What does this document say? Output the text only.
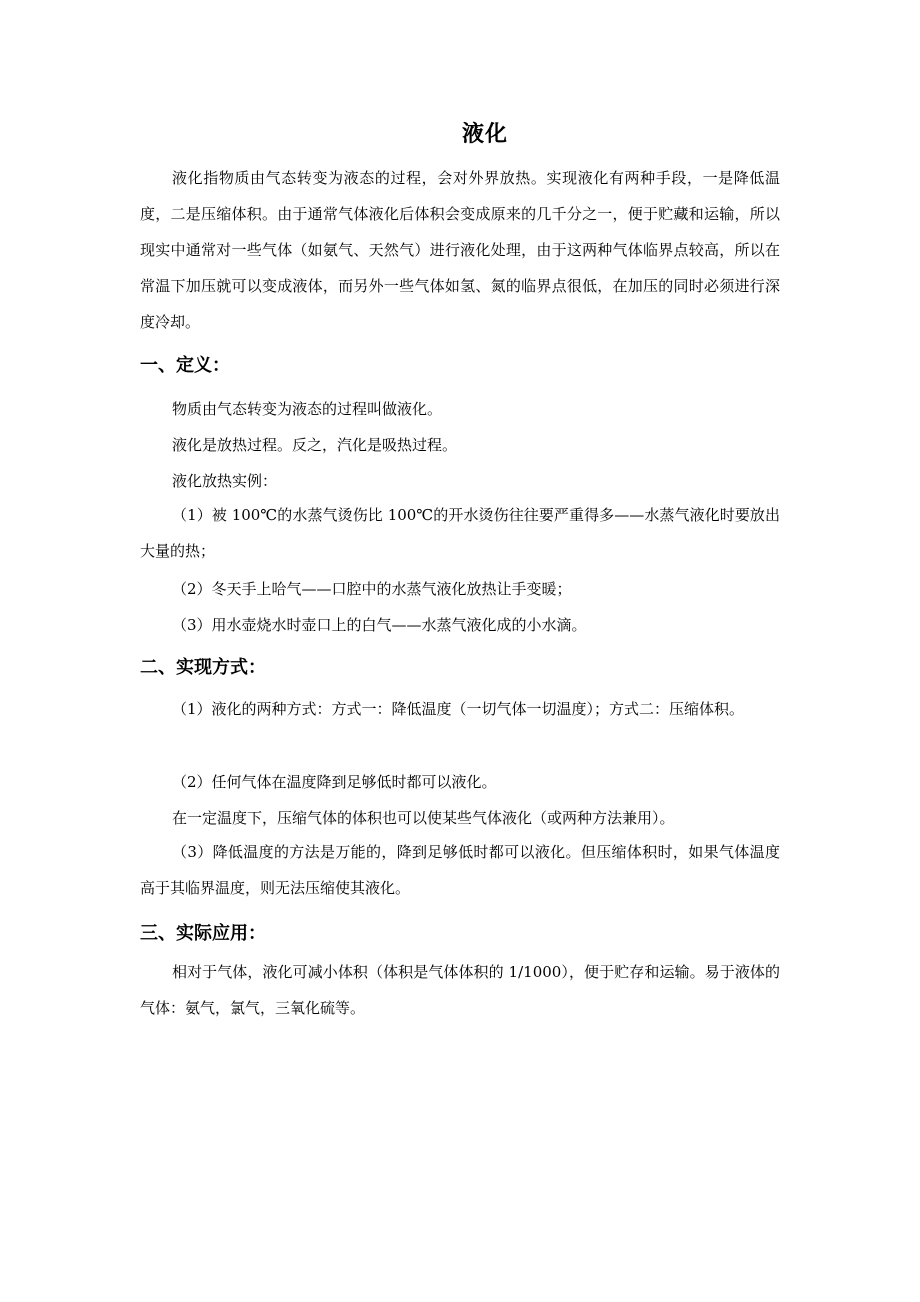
液化

液化指物质由气态转变为液态的过程，会对外界放热。实现液化有两种手段，一是降低温度，二是压缩体积。由于通常气体液化后体积会变成原来的几千分之一，便于贮藏和运输，所以现实中通常对一些气体（如氨气、天然气）进行液化处理，由于这两种气体临界点较高，所以在常温下加压就可以变成液体，而另外一些气体如氢、氮的临界点很低，在加压的同时必须进行深度冷却。

一、定义：

物质由气态转变为液态的过程叫做液化。

液化是放热过程。反之，汽化是吸热过程。

液化放热实例：

（1）被 100℃的水蒸气烫伤比 100℃的开水烫伤往往要严重得多——水蒸气液化时要放出大量的热；

（2）冬天手上哈气——口腔中的水蒸气液化放热让手变暖；

（3）用水壶烧水时壶口上的白气——水蒸气液化成的小水滴。

二、实现方式：

（1）液化的两种方式：方式一：降低温度（一切气体一切温度）；方式二：压缩体积。

（2）任何气体在温度降到足够低时都可以液化。

在一定温度下，压缩气体的体积也可以使某些气体液化（或两种方法兼用）。

（3）降低温度的方法是万能的，降到足够低时都可以液化。但压缩体积时，如果气体温度高于其临界温度，则无法压缩使其液化。

三、实际应用：

相对于气体，液化可减小体积（体积是气体体积的 1/1000），便于贮存和运输。易于液体的气体：氨气，氯气，三氧化硫等。
